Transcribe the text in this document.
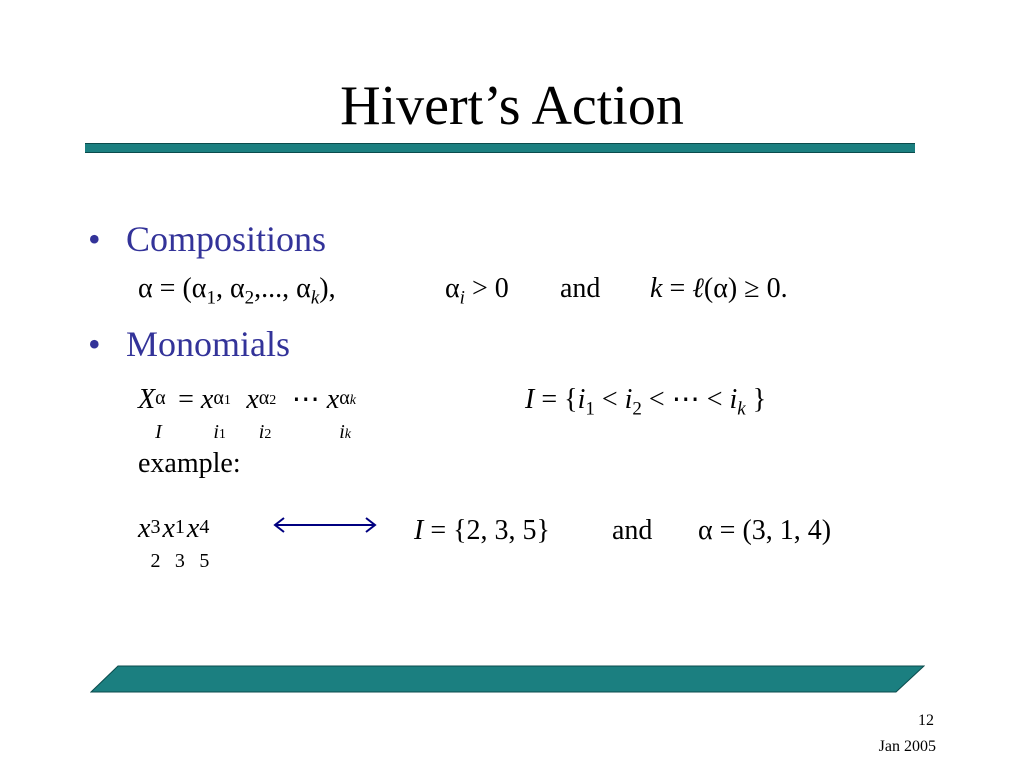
Hivert’s Action
• Compositions
$\alpha = (\alpha_1$, $\alpha_2$,..., $\alpha_k$),	$\alpha_i > 0$ and k = ℓ(α) ≥ 0.
• Monomials
X α
I
= x α1
i1
x α2
i2
⋯ x αk
ik
$I = \{i_1 < i_2$ < ⋯ < $i_k$ }
example:
x 3
2
x 1
3
x 4
5
I = {2, 3, 5} and α = (3, 1, 4)
12
Jan 2005
